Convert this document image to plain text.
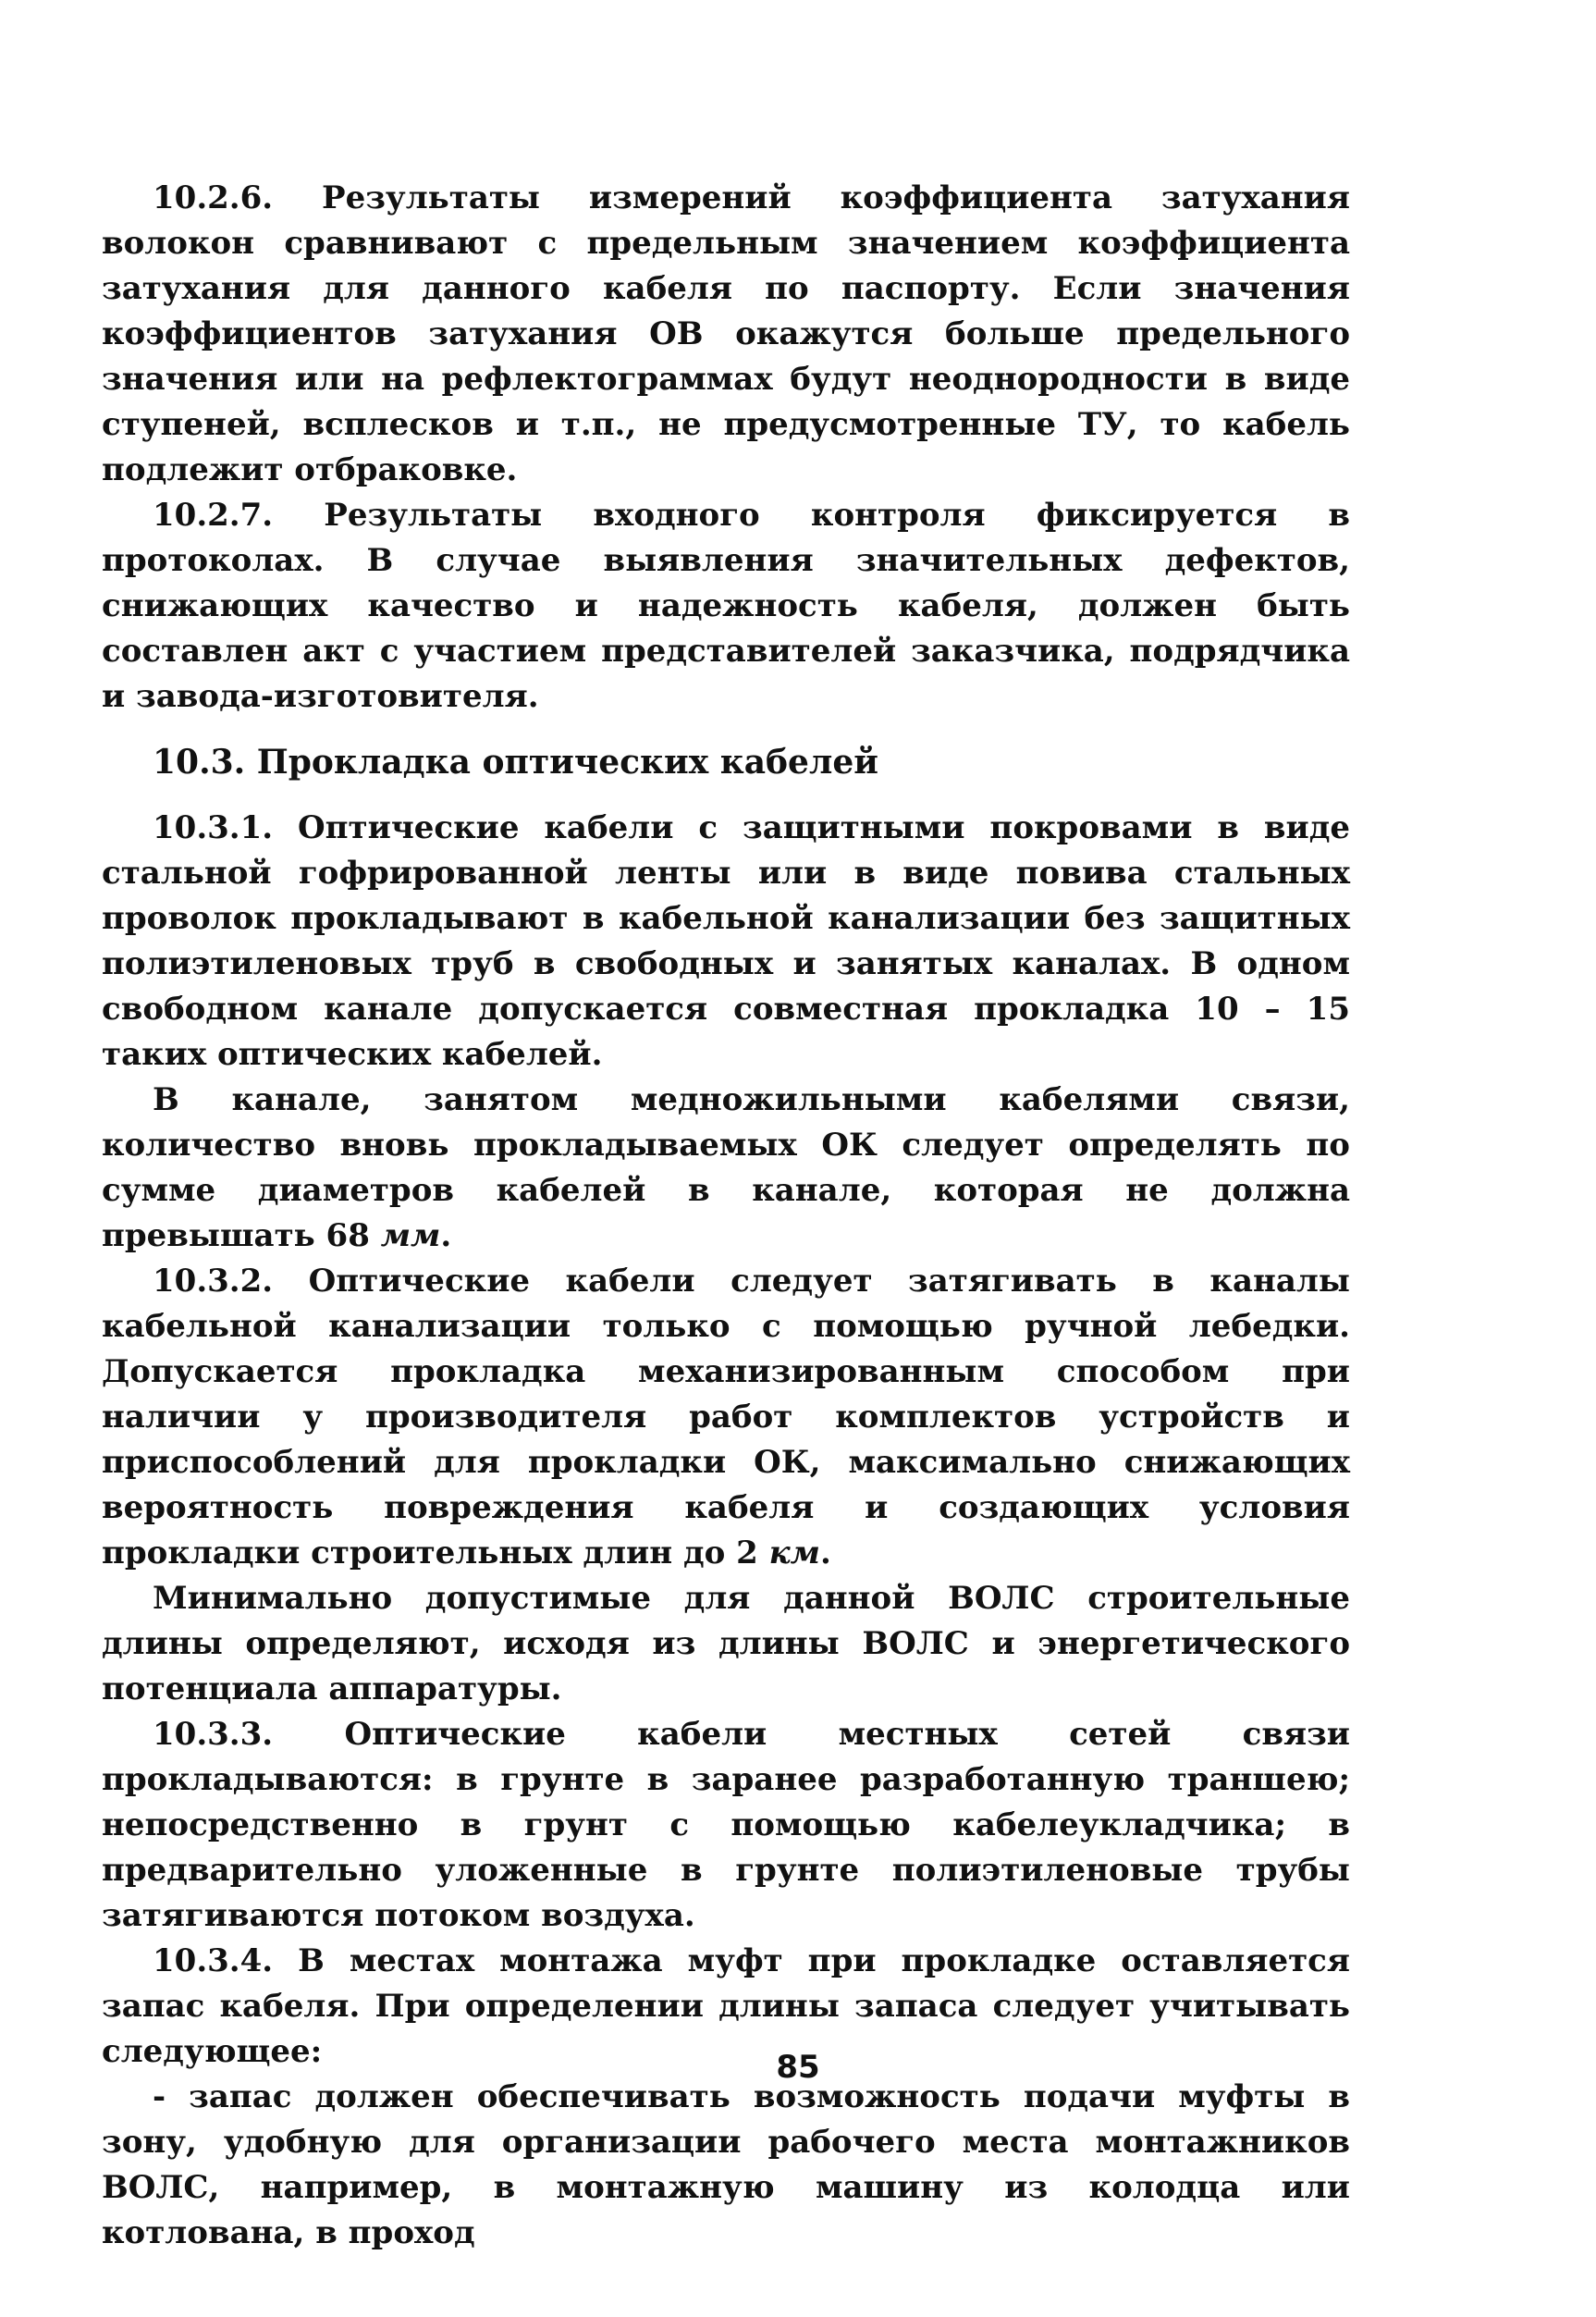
10.2.6. Результаты измерений коэффициента затухания волокон сравнивают с предельным значением коэффициента затухания для данного кабеля по паспорту. Если значения коэффициентов затухания ОВ окажутся больше предельного значения или на рефлектограммах будут неоднородности в виде ступеней, всплесков и т.п., не предусмотренные ТУ, то кабель подлежит отбраковке.

10.2.7. Результаты входного контроля фиксируется в протоколах. В случае выявления значительных дефектов, снижающих качество и надежность кабеля, должен быть составлен акт с участием представителей заказчика, подрядчика и завода-изготовителя.

10.3. Прокладка оптических кабелей

10.3.1. Оптические кабели с защитными покровами в виде стальной гофрированной ленты или в виде повива стальных проволок прокладывают в кабельной канализации без защитных полиэтиленовых труб в свободных и занятых каналах. В одном свободном канале допускается совместная прокладка 10 – 15 таких оптических кабелей.

В канале, занятом медножильными кабелями связи, количество вновь прокладываемых ОК следует определять по сумме диаметров кабелей в канале, которая не должна превышать 68 мм.

10.3.2. Оптические кабели следует затягивать в каналы кабельной канализации только с помощью ручной лебедки. Допускается прокладка механизированным способом при наличии у производителя работ комплектов устройств и приспособлений для прокладки ОК, максимально снижающих вероятность повреждения кабеля и создающих условия прокладки строительных длин до 2 км.

Минимально допустимые для данной ВОЛС строительные длины определяют, исходя из длины ВОЛС и энергетического потенциала аппаратуры.

10.3.3. Оптические кабели местных сетей связи прокладываются: в грунте в заранее разработанную траншею; непосредственно в грунт с помощью кабелеукладчика; в предварительно уложенные в грунте полиэтиленовые трубы затягиваются потоком воздуха.

10.3.4. В местах монтажа муфт при прокладке оставляется запас кабеля. При определении длины запаса следует учитывать следующее:

- запас должен обеспечивать возможность подачи муфты в зону, удобную для организации рабочего места монтажников ВОЛС, например, в монтажную машину из колодца или котлована, в проход

85
